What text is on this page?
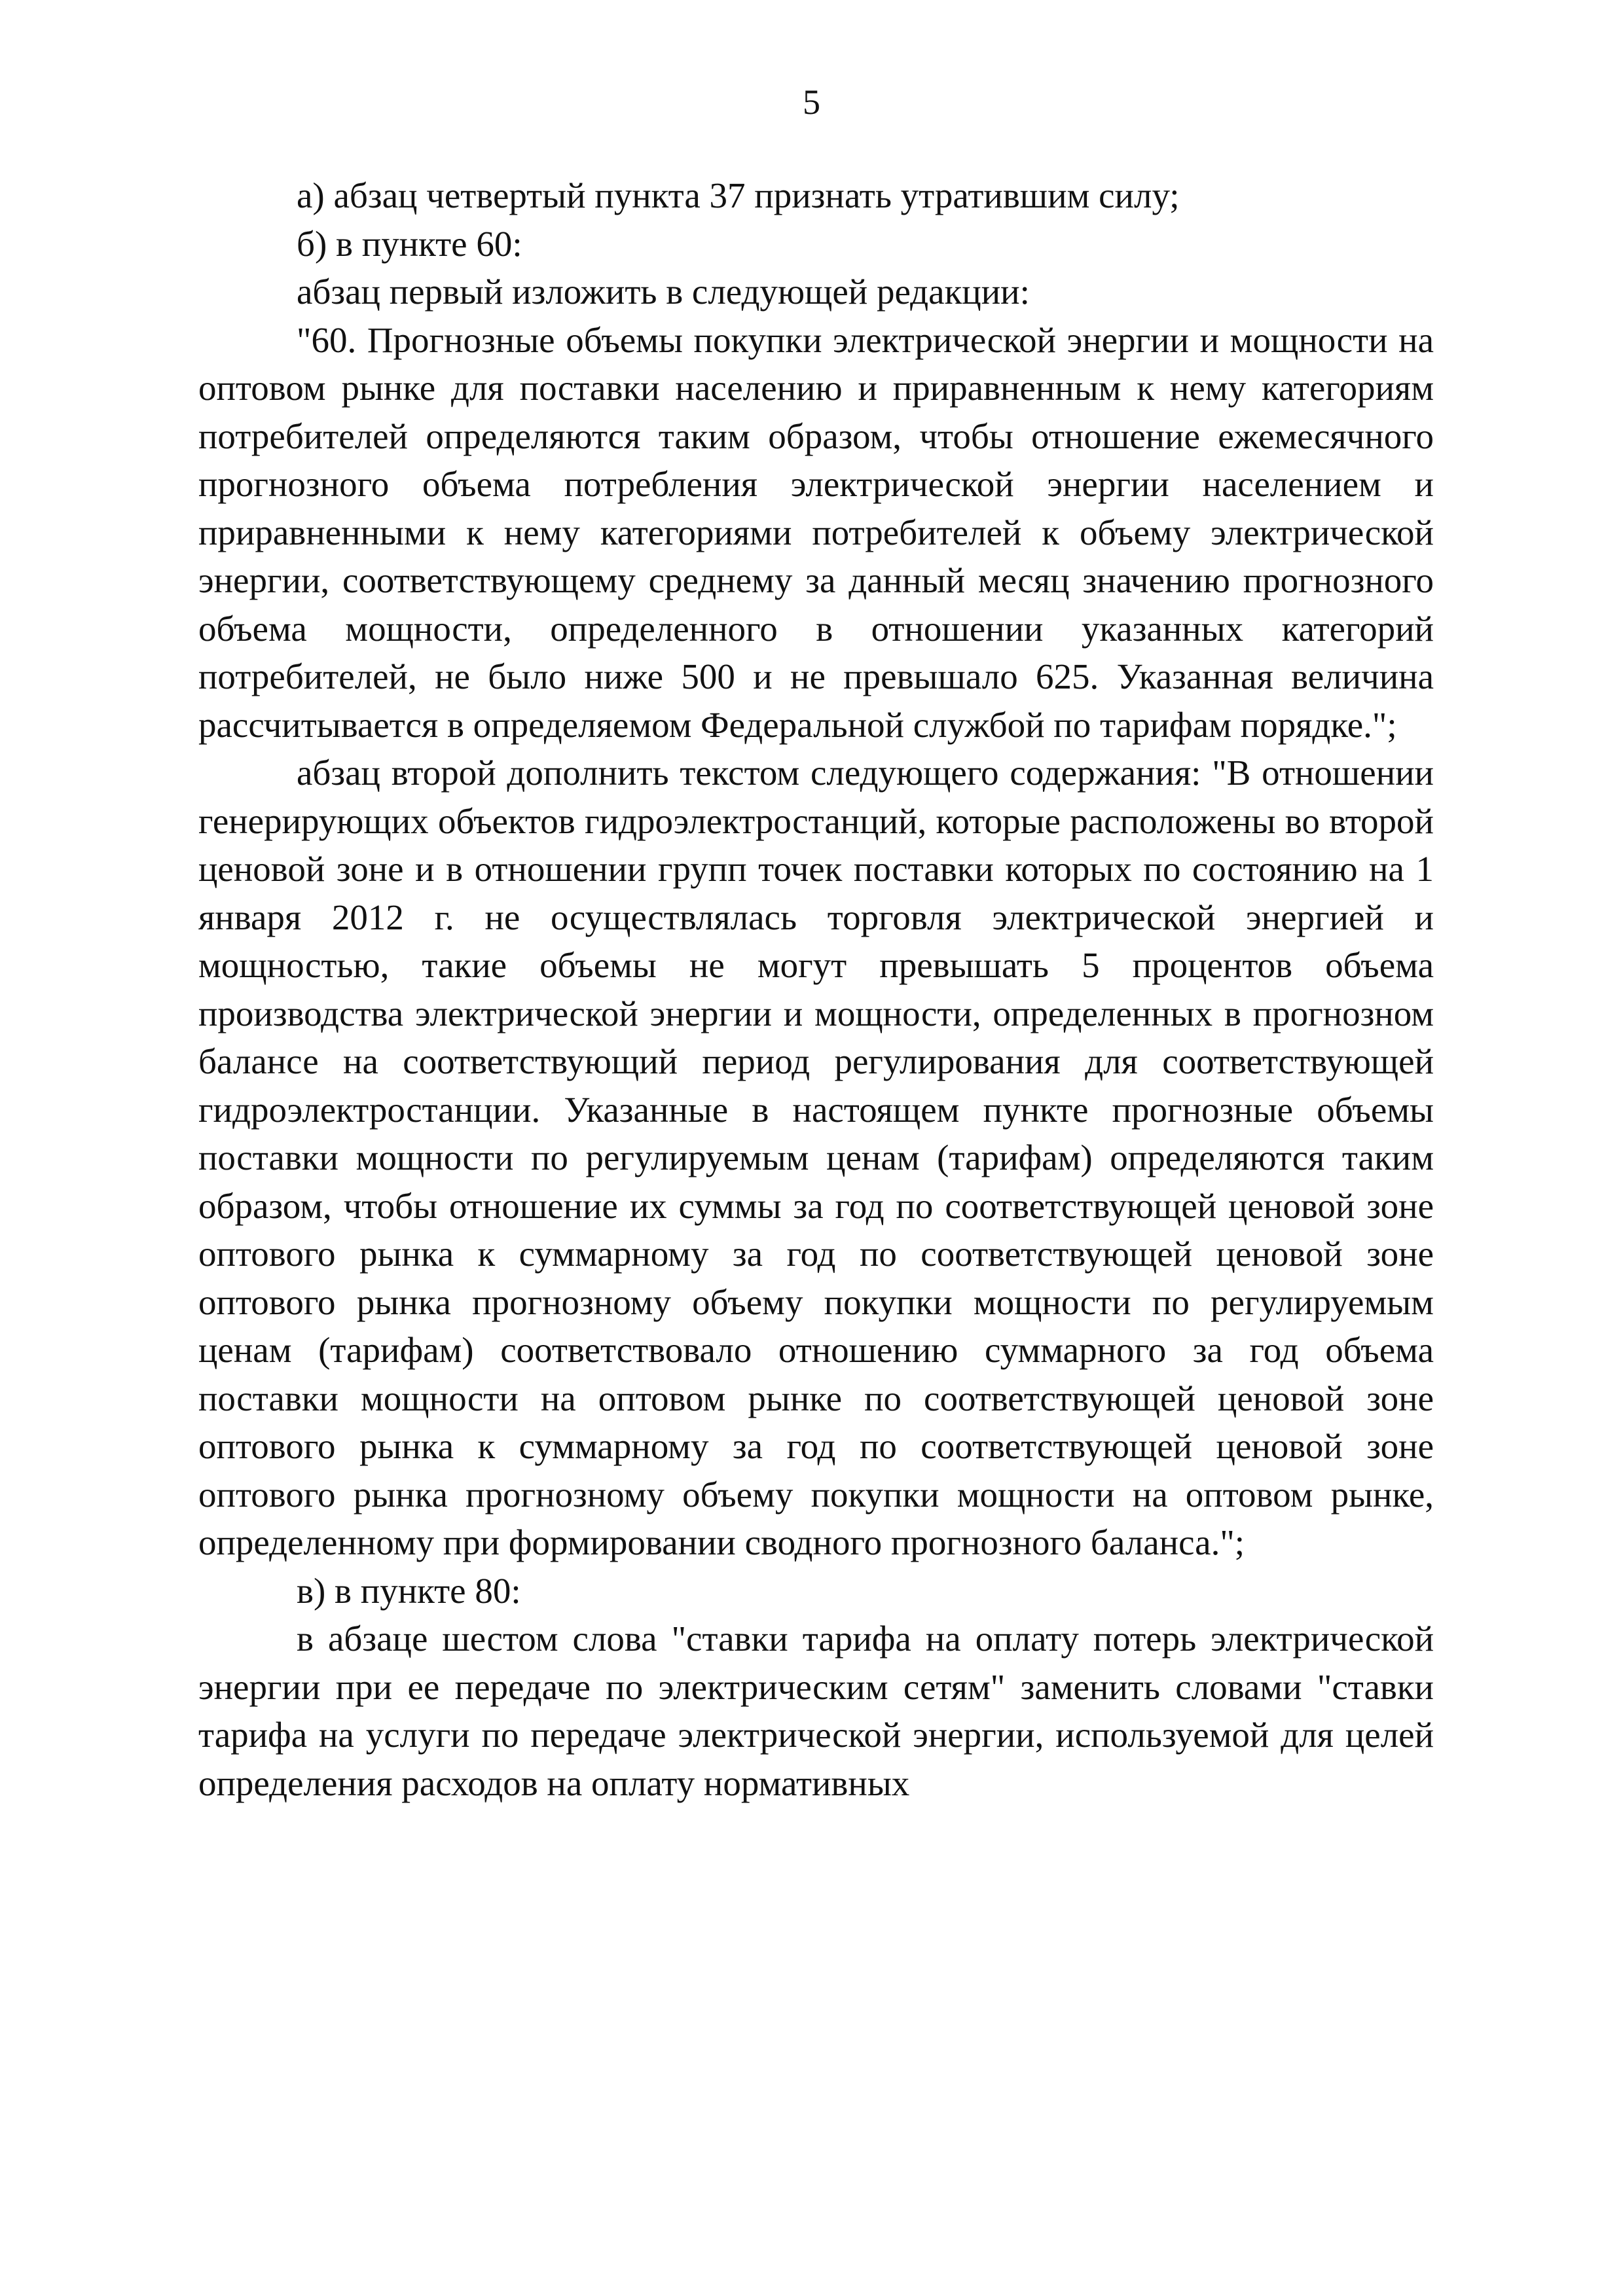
5

а) абзац четвертый пункта 37 признать утратившим силу;

б) в пункте 60:

абзац первый изложить в следующей редакции:

"60. Прогнозные объемы покупки электрической энергии и мощности на оптовом рынке для поставки населению и приравненным к нему категориям потребителей определяются таким образом, чтобы отношение ежемесячного прогнозного объема потребления электрической энергии населением и приравненными к нему категориями потребителей к объему электрической энергии, соответствующему среднему за данный месяц значению прогнозного объема мощности, определенного в отношении указанных категорий потребителей, не было ниже 500 и не превышало 625. Указанная величина рассчитывается в определяемом Федеральной службой по тарифам порядке.";

абзац второй дополнить текстом следующего содержания: "В отношении генерирующих объектов гидроэлектростанций, которые расположены во второй ценовой зоне и в отношении групп точек поставки которых по состоянию на 1 января 2012 г. не осуществлялась торговля электрической энергией и мощностью, такие объемы не могут превышать 5 процентов объема производства электрической энергии и мощности, определенных в прогнозном балансе на соответствующий период регулирования для соответствующей гидроэлектростанции. Указанные в настоящем пункте прогнозные объемы поставки мощности по регулируемым ценам (тарифам) определяются таким образом, чтобы отношение их суммы за год по соответствующей ценовой зоне оптового рынка к суммарному за год по соответствующей ценовой зоне оптового рынка прогнозному объему покупки мощности по регулируемым ценам (тарифам) соответствовало отношению суммарного за год объема поставки мощности на оптовом рынке по соответствующей ценовой зоне оптового рынка к суммарному за год по соответствующей ценовой зоне оптового рынка прогнозному объему покупки мощности на оптовом рынке, определенному при формировании сводного прогнозного баланса.";

в) в пункте 80:

в абзаце шестом слова "ставки тарифа на оплату потерь электрической энергии при ее передаче по электрическим сетям" заменить словами "ставки тарифа на услуги по передаче электрической энергии, используемой для целей определения расходов на оплату нормативных
